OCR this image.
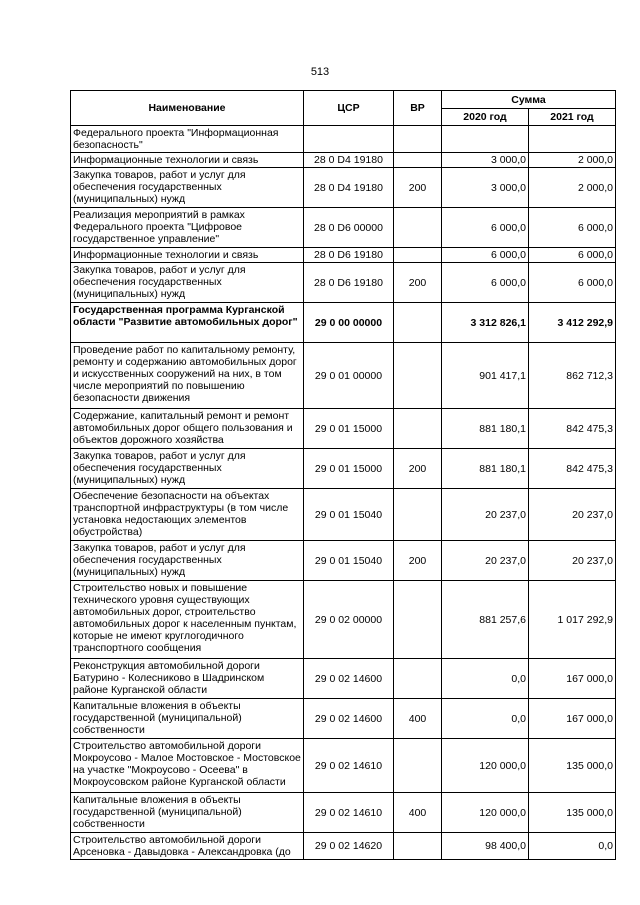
513
Наименование	ЦСР	ВР	Сумма	
			2020 год	2021 год
Федерального проекта "Информационная безопасность"				
Информационные технологии и связь	28 0 D4 19180		3 000,0	2 000,0
Закупка товаров, работ и услуг для обеспечения государственных (муниципальных) нужд	28 0 D4 19180	200	3 000,0	2 000,0
Реализация мероприятий в рамках Федерального проекта "Цифровое государственное управление"	28 0 D6 00000		6 000,0	6 000,0
Информационные технологии и связь	28 0 D6 19180		6 000,0	6 000,0
Закупка товаров, работ и услуг для обеспечения государственных (муниципальных) нужд	28 0 D6 19180	200	6 000,0	6 000,0
Государственная программа Курганской области "Развитие автомобильных дорог"	29 0 00 00000		3 312 826,1	3 412 292,9
Проведение работ по капитальному ремонту, ремонту и содержанию автомобильных дорог и искусственных сооружений на них, в том числе мероприятий по повышению безопасности движения	29 0 01 00000		901 417,1	862 712,3
Содержание, капитальный ремонт и ремонт автомобильных дорог общего пользования и объектов дорожного хозяйства	29 0 01 15000		881 180,1	842 475,3
Закупка товаров, работ и услуг для обеспечения государственных (муниципальных) нужд	29 0 01 15000	200	881 180,1	842 475,3
Обеспечение безопасности на объектах транспортной инфраструктуры (в том числе установка недостающих элементов обустройства)	29 0 01 15040		20 237,0	20 237,0
Закупка товаров, работ и услуг для обеспечения государственных (муниципальных) нужд	29 0 01 15040	200	20 237,0	20 237,0
Строительство новых и повышение технического уровня существующих автомобильных дорог, строительство автомобильных дорог к населенным пунктам, которые не имеют круглогодичного транспортного сообщения	29 0 02 00000		881 257,6	1 017 292,9
Реконструкция автомобильной дороги Батурино - Колесниково в Шадринском районе Курганской области	29 0 02 14600		0,0	167 000,0
Капитальные вложения в объекты государственной (муниципальной) собственности	29 0 02 14600	400	0,0	167 000,0
Строительство автомобильной дороги Мокроусово - Малое Мостовское - Мостовское на участке "Мокроусово - Осеева" в Мокроусовском районе Курганской области	29 0 02 14610		120 000,0	135 000,0
Капитальные вложения в объекты государственной (муниципальной) собственности	29 0 02 14610	400	120 000,0	135 000,0
Строительство автомобильной дороги Арсеновка - Давыдовка - Александровка (до	29 0 02 14620		98 400,0	0,0
